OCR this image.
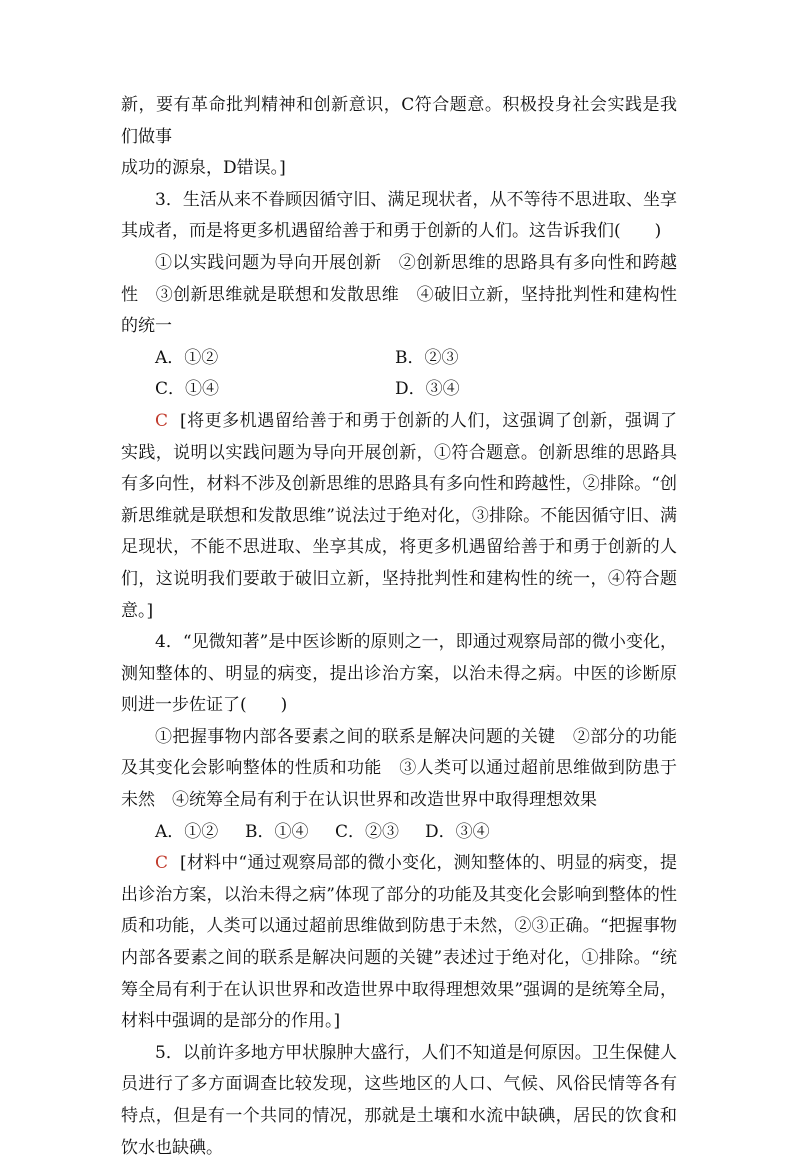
新，要有革命批判精神和创新意识，C符合题意。积极投身社会实践是我们做事

成功的源泉，D错误。]

3．生活从来不眷顾因循守旧、满足现状者，从不等待不思进取、坐享其成者，而是将更多机遇留给善于和勇于创新的人们。这告诉我们(　　)

①以实践问题为导向开展创新　②创新思维的思路具有多向性和跨越性　③创新思维就是联想和发散思维　④破旧立新，坚持批判性和建构性的统一

A．①②	B．②③
C．①④	D．③④

C [将更多机遇留给善于和勇于创新的人们，这强调了创新，强调了实践，说明以实践问题为导向开展创新，①符合题意。创新思维的思路具有多向性，材料不涉及创新思维的思路具有多向性和跨越性，②排除。“创新思维就是联想和发散思维”说法过于绝对化，③排除。不能因循守旧、满足现状，不能不思进取、坐享其成，将更多机遇留给善于和勇于创新的人们，这说明我们要敢于破旧立新，坚持批判性和建构性的统一，④符合题意。]

4．“见微知著”是中医诊断的原则之一，即通过观察局部的微小变化，测知整体的、明显的病变，提出诊治方案，以治未得之病。中医的诊断原则进一步佐证了(　　)

①把握事物内部各要素之间的联系是解决问题的关键　②部分的功能及其变化会影响整体的性质和功能　③人类可以通过超前思维做到防患于未然　④统筹全局有利于在认识世界和改造世界中取得理想效果

A．①② B．①④ C．②③ D．③④

C [材料中“通过观察局部的微小变化，测知整体的、明显的病变，提出诊治方案，以治未得之病”体现了部分的功能及其变化会影响到整体的性质和功能，人类可以通过超前思维做到防患于未然，②③正确。“把握事物内部各要素之间的联系是解决问题的关键”表述过于绝对化，①排除。“统筹全局有利于在认识世界和改造世界中取得理想效果”强调的是统筹全局，材料中强调的是部分的作用。]

5．以前许多地方甲状腺肿大盛行，人们不知道是何原因。卫生保健人员进行了多方面调查比较发现，这些地区的人口、气候、风俗民情等各有特点，但是有一个共同的情况，那就是土壤和水流中缺碘，居民的饮食和饮水也缺碘。
